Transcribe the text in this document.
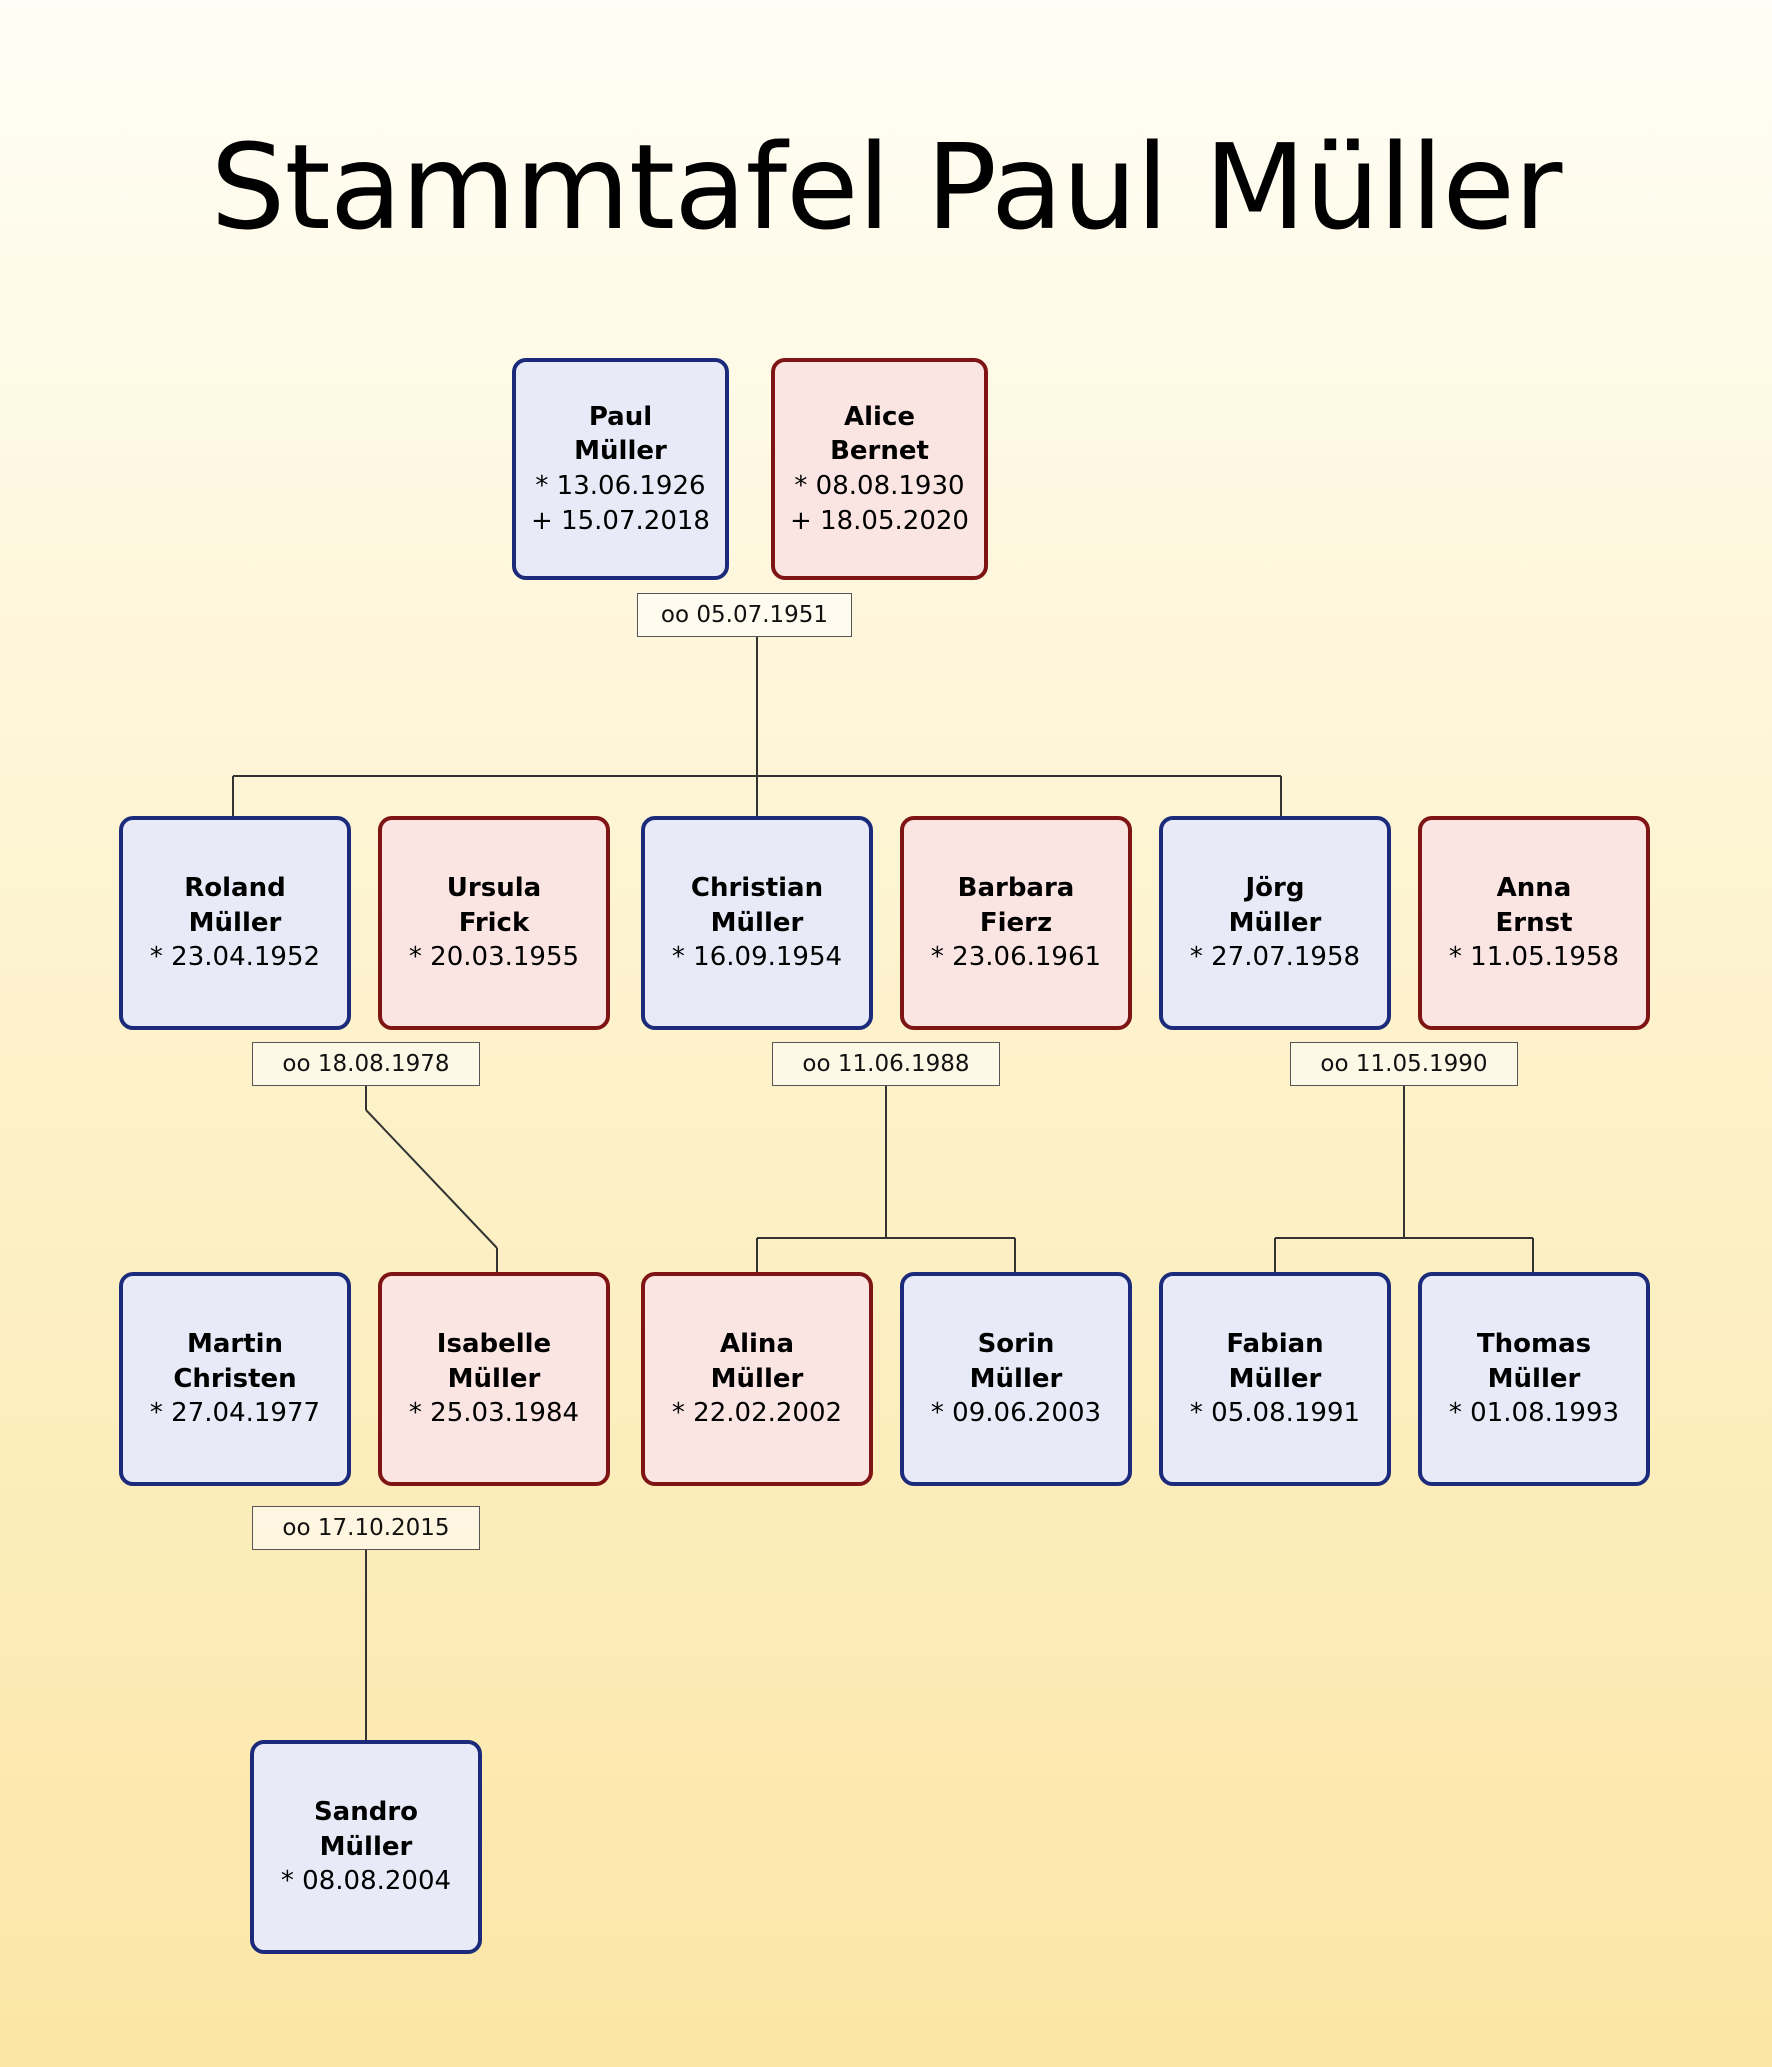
Stammtafel Paul Müller
Paul
Müller
* 13.06.1926
+ 15.07.2018
Alice
Bernet
* 08.08.1930
+ 18.05.2020
oo 05.07.1951
Roland
Müller
* 23.04.1952
Ursula
Frick
* 20.03.1955
Christian
Müller
* 16.09.1954
Barbara
Fierz
* 23.06.1961
Jörg
Müller
* 27.07.1958
Anna
Ernst
* 11.05.1958
oo 18.08.1978	oo 11.06.1988	oo 11.05.1990
Martin
Christen
* 27.04.1977
Isabelle
Müller
* 25.03.1984
Alina
Müller
* 22.02.2002
Sorin
Müller
* 09.06.2003
Fabian
Müller
* 05.08.1991
Thomas
Müller
* 01.08.1993
oo 17.10.2015
Sandro
Müller
* 08.08.2004
